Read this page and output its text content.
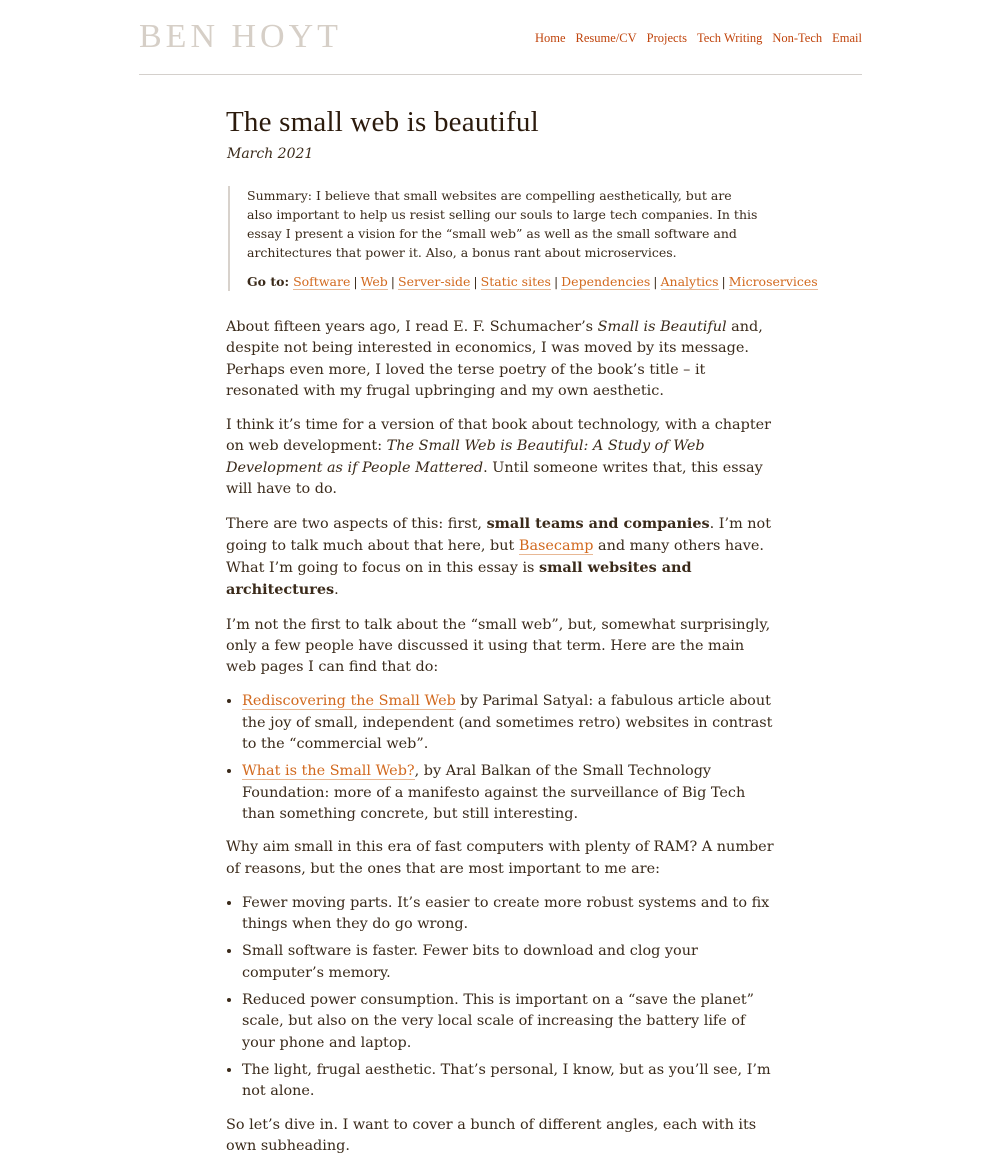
BEN HOYT	Home Resume/CV Projects Tech Writing Non-Tech Email
The small web is beautiful
March 2021

Summary: I believe that small websites are compelling aesthetically, but are also important to help us resist selling our souls to large tech companies. In this essay I present a vision for the “small web” as well as the small software and architectures that power it. Also, a bonus rant about microservices.

Go to: Software | Web | Server-side | Static sites | Dependencies | Analytics | Microservices

About fifteen years ago, I read E. F. Schumacher’s Small is Beautiful and, despite not being interested in economics, I was moved by its message. Perhaps even more, I loved the terse poetry of the book’s title – it resonated with my frugal upbringing and my own aesthetic.

I think it’s time for a version of that book about technology, with a chapter on web development: The Small Web is Beautiful: A Study of Web Development as if People Mattered. Until someone writes that, this essay will have to do.

There are two aspects of this: first, small teams and companies. I’m not going to talk much about that here, but Basecamp and many others have. What I’m going to focus on in this essay is small websites and architectures.

I’m not the first to talk about the “small web”, but, somewhat surprisingly, only a few people have discussed it using that term. Here are the main web pages I can find that do:

• Rediscovering the Small Web by Parimal Satyal: a fabulous article about the joy of small, independent (and sometimes retro) websites in contrast to the “commercial web”.
• What is the Small Web?, by Aral Balkan of the Small Technology Foundation: more of a manifesto against the surveillance of Big Tech than something concrete, but still interesting.

Why aim small in this era of fast computers with plenty of RAM? A number of reasons, but the ones that are most important to me are:

• Fewer moving parts. It’s easier to create more robust systems and to fix things when they do go wrong.
• Small software is faster. Fewer bits to download and clog your computer’s memory.
• Reduced power consumption. This is important on a “save the planet” scale, but also on the very local scale of increasing the battery life of your phone and laptop.
• The light, frugal aesthetic. That’s personal, I know, but as you’ll see, I’m not alone.

So let’s dive in. I want to cover a bunch of different angles, each with its own subheading.
